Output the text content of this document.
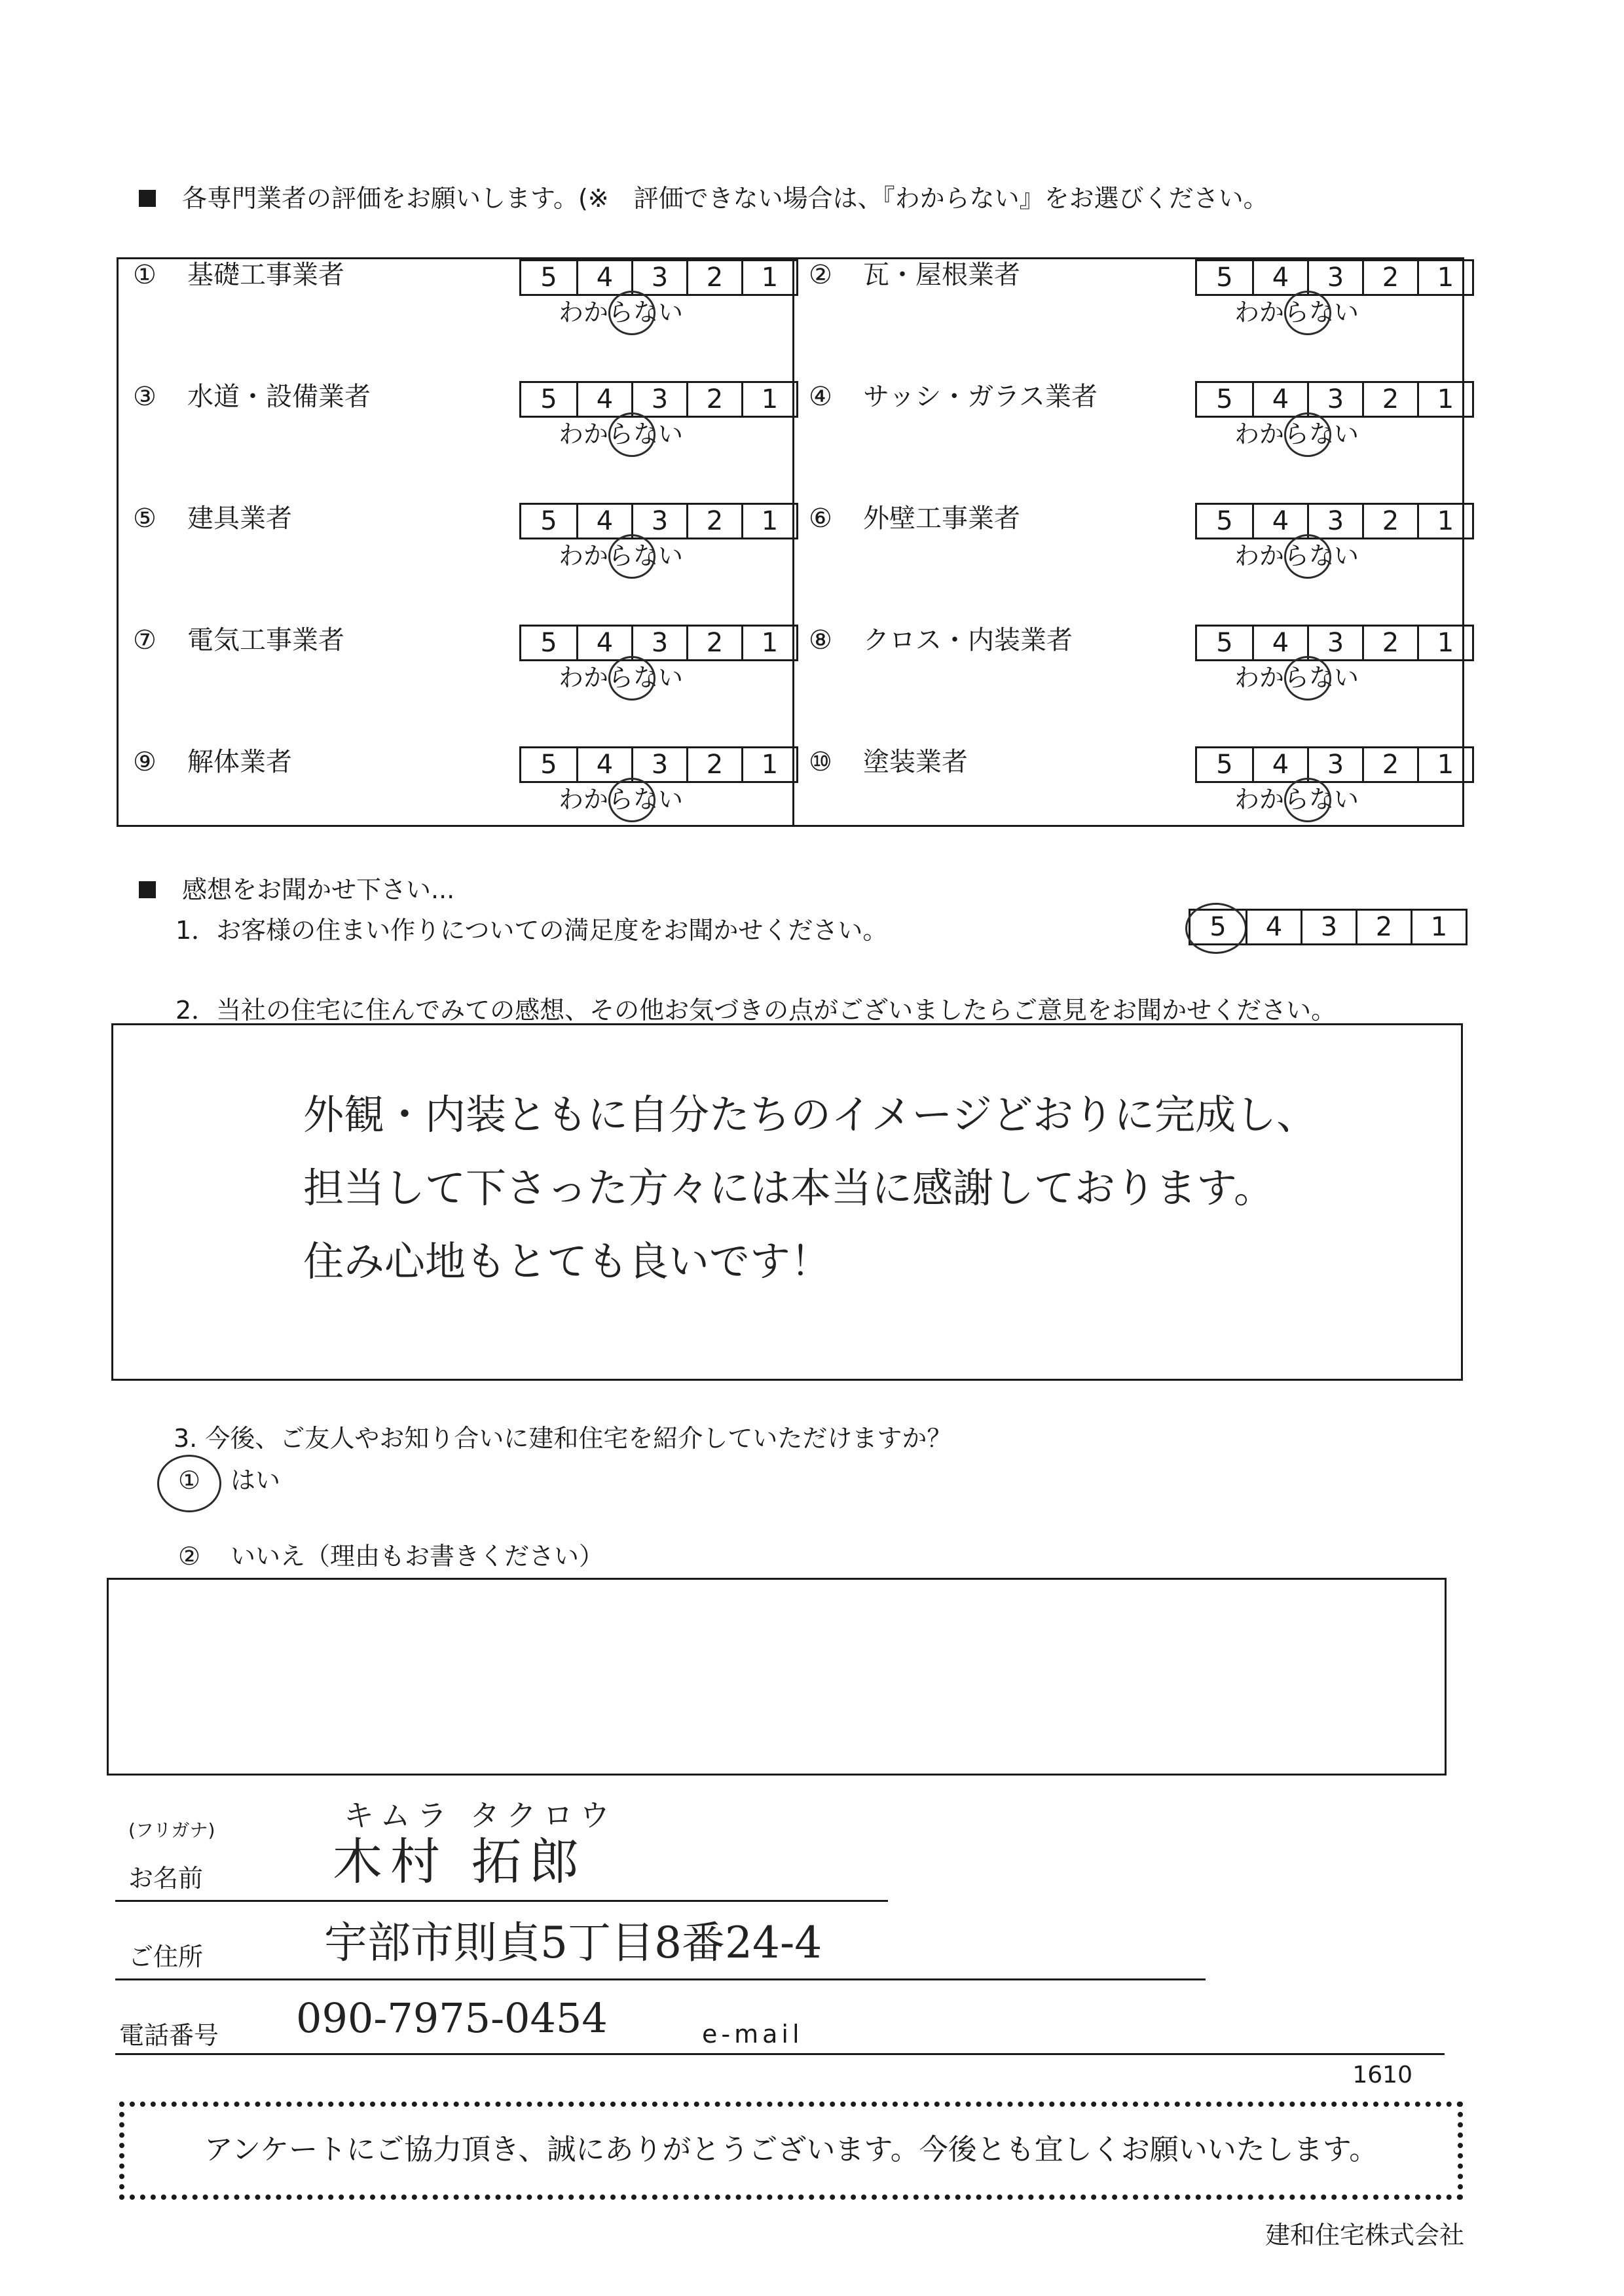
各専門業者の評価をお願いします。(※　評価できない場合は、『わからない』をお選びください。
① 基礎工事業者	5	4	3	2	1
わからない
② 瓦・屋根業者	5	4	3	2	1
わからない
③ 水道・設備業者	5	4	3	2	1
わからない
④ サッシ・ガラス業者	5	4	3	2	1
わからない
⑤ 建具業者	5	4	3	2	1
わからない
⑥ 外壁工事業者	5	4	3	2	1
わからない
⑦ 電気工事業者	5	4	3	2	1
わからない
⑧ クロス・内装業者	5	4	3	2	1
わからない
⑨ 解体業者	5	4	3	2	1
わからない
⑩ 塗装業者	5	4	3	2	1
わからない
感想をお聞かせ下さい...
1．お客様の住まい作りについての満足度をお聞かせください。	5	4	3	2	1
2．当社の住宅に住んでみての感想、その他お気づきの点がございましたらご意見をお聞かせください。
外観・内装ともに自分たちのイメージどおりに完成し、
担当して下さった方々には本当に感謝しております。
住み心地もとても良いです！
3. 今後、ご友人やお知り合いに建和住宅を紹介していただけますか？
① はい
② いいえ（理由もお書きください）
(フリガナ)	キムラ タクロウ
お名前	木村 拓郎
ご住所	宇部市則貞5丁目8番24-4
電話番号 090-7975-0454	e-mail
1610
アンケートにご協力頂き、誠にありがとうございます。今後とも宜しくお願いいたします。
建和住宅株式会社
